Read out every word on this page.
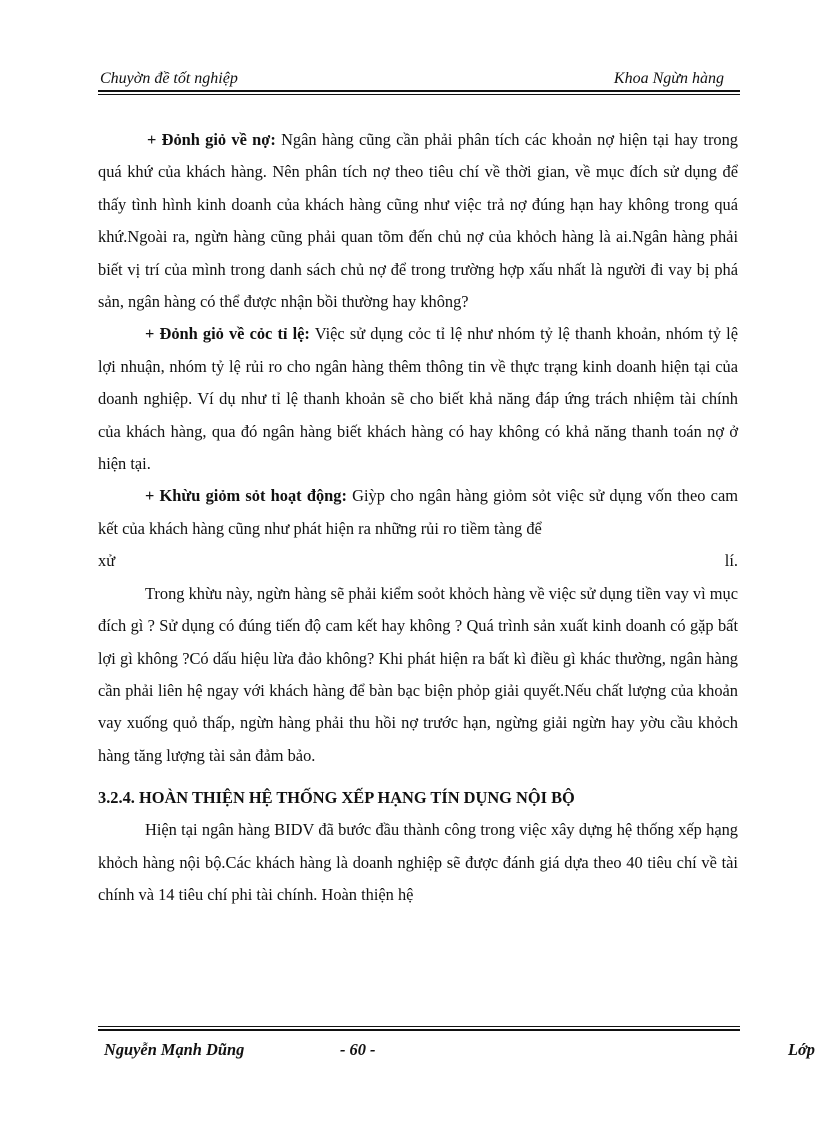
Chuyờn đề tốt nghiệp	Khoa Ngừn hàng

+ Đỏnh giỏ về nợ: Ngân hàng cũng cần phải phân tích các khoản nợ hiện tại hay trong quá khứ của khách hàng. Nên phân tích nợ theo tiêu chí về thời gian, về mục đích sử dụng để thấy tình hình kinh doanh của khách hàng cũng như việc trả nợ đúng hạn hay không trong quá khứ.Ngoài ra, ngừn hàng cũng phải quan tõm đến chủ nợ của khỏch hàng là ai.Ngân hàng phải biết vị trí của mình trong danh sách chủ nợ để trong trường hợp xấu nhất là người đi vay bị phá sản, ngân hàng có thể được nhận bồi thường hay không?

+ Đỏnh giỏ về cỏc tỉ lệ: Việc sử dụng cỏc tỉ lệ như nhóm tỷ lệ thanh khoản, nhóm tỷ lệ lợi nhuận, nhóm tỷ lệ rủi ro cho ngân hàng thêm thông tin về thực trạng kinh doanh hiện tại của doanh nghiệp. Ví dụ như tỉ lệ thanh khoản sẽ cho biết khả năng đáp ứng trách nhiệm tài chính của khách hàng, qua đó ngân hàng biết khách hàng có hay không có khả năng thanh toán nợ ở hiện tại.

+ Khừu giỏm sỏt hoạt động: Giỳp cho ngân hàng giỏm sỏt việc sử dụng vốn theo cam kết của khách hàng cũng như phát hiện ra những rủi ro tiềm tàng để

xử	lí.

Trong khừu này, ngừn hàng sẽ phải kiểm soỏt khỏch hàng về việc sử dụng tiền vay vì mục đích gì ? Sử dụng có đúng tiến độ cam kết hay không ? Quá trình sản xuất kinh doanh có gặp bất lợi gì không ?Có dấu hiệu lừa đảo không? Khi phát hiện ra bất kì điều gì khác thường, ngân hàng cần phải liên hệ ngay với khách hàng để bàn bạc biện phỏp giải quyết.Nếu chất lượng của khoản vay xuống quỏ thấp, ngừn hàng phải thu hồi nợ trước hạn, ngừng giải ngừn hay yờu cầu khỏch hàng tăng lượng tài sản đảm bảo.

3.2.4. HOÀN THIỆN HỆ THỐNG XẾP HẠNG TÍN DỤNG NỘI BỘ

Hiện tại ngân hàng BIDV đã bước đầu thành công trong việc xây dựng hệ thống xếp hạng khỏch hàng nội bộ.Các khách hàng là doanh nghiệp sẽ được đánh giá dựa theo 40 tiêu chí về tài chính và 14 tiêu chí phi tài chính. Hoàn thiện hệ

Nguyễn Mạnh Dũng	- 60 -	Lớp
